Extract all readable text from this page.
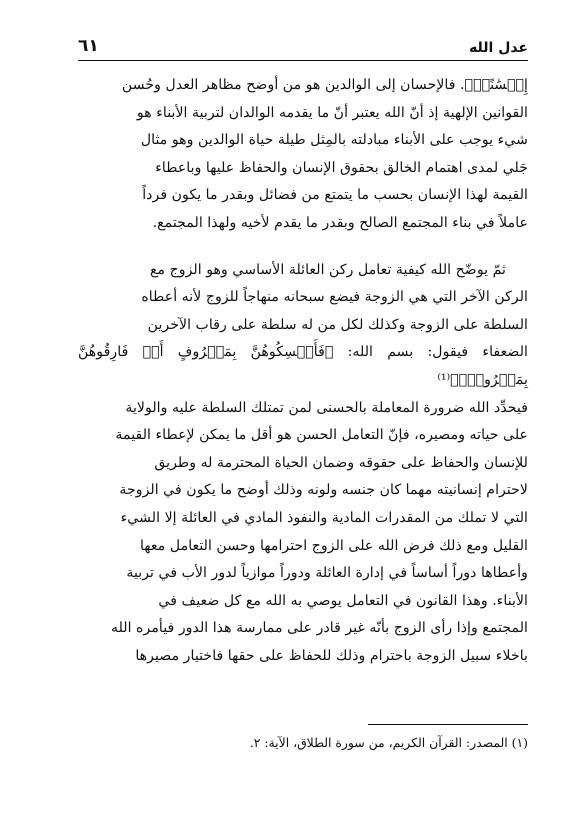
٦١	عدل الله
إِحۡسَٰنًاۚ﴾. فالإحسان إلى الوالدين هو من أوضح مظاهر العدل وحُسن
القوانين الإلهية إذ أنّ الله يعتبر أنّ ما يقدمه الوالدان لتربية الأبناء هو
شيء يوجب على الأبناء مبادلته بالمِثل طيلة حياة الوالدين وهو مثال
جَلي لمدى اهتمام الخالق بحقوق الإنسان والحفاظ عليها وباعطاء
القيمة لهذا الإنسان بحسب ما يتمتع من فضائل وبقدر ما يكون فرداً
عاملاً في بناء المجتمع الصالح وبقدر ما يقدم لأخيه ولهذا المجتمع.
ثمّ يوضّح الله كيفية تعامل ركن العائلة الأساسي وهو الزوج مع
الركن الآخر التي هي الزوجة فيضع سبحانه منهاجاً للزوج لأنه أعطاه
السلطة على الزوجة وكذلك لكل من له سلطة على رقاب الآخرين
الضعفاء فيقول: بسم الله: ﴿فَأَمۡسِكُوهُنَّ بِمَعۡرُوفٍ أَوۡ فَارِقُوهُنَّ بِمَعۡرُوفٍۚ﴾⁽¹⁾
فيحدِّد الله ضرورة المعاملة بالحسنى لمن تمتلك السلطة عليه والولاية
على حياته ومصيره، فإنّ التعامل الحسن هو أقل ما يمكن لإعطاء القيمة
للإنسان والحفاظ على حقوقه وضمان الحياة المحترمة له وطريق
لاحترام إنسانيته مهما كان جنسه ولونه وذلك أوضح ما يكون في الزوجة
التي لا تملك من المقدرات المادية والنفوذ المادي في العائلة إلا الشيء
القليل ومع ذلك فرض الله على الزوج احترامها وحسن التعامل معها
وأعطاها دوراً أساساً في إدارة العائلة ودوراً موازياً لدور الأب في تربية
الأبناء. وهذا القانون في التعامل يوصي به الله مع كل ضعيف في
المجتمع وإذا رأى الزوج بأنّه غير قادر على ممارسة هذا الدور فيأمره الله
باخلاء سبيل الزوجة باحترام وذلك للحفاظ على حقها فاختيار مصيرها
(١) المصدر: القرآن الكريم، من سورة الطلاق، الآية: ٢.
